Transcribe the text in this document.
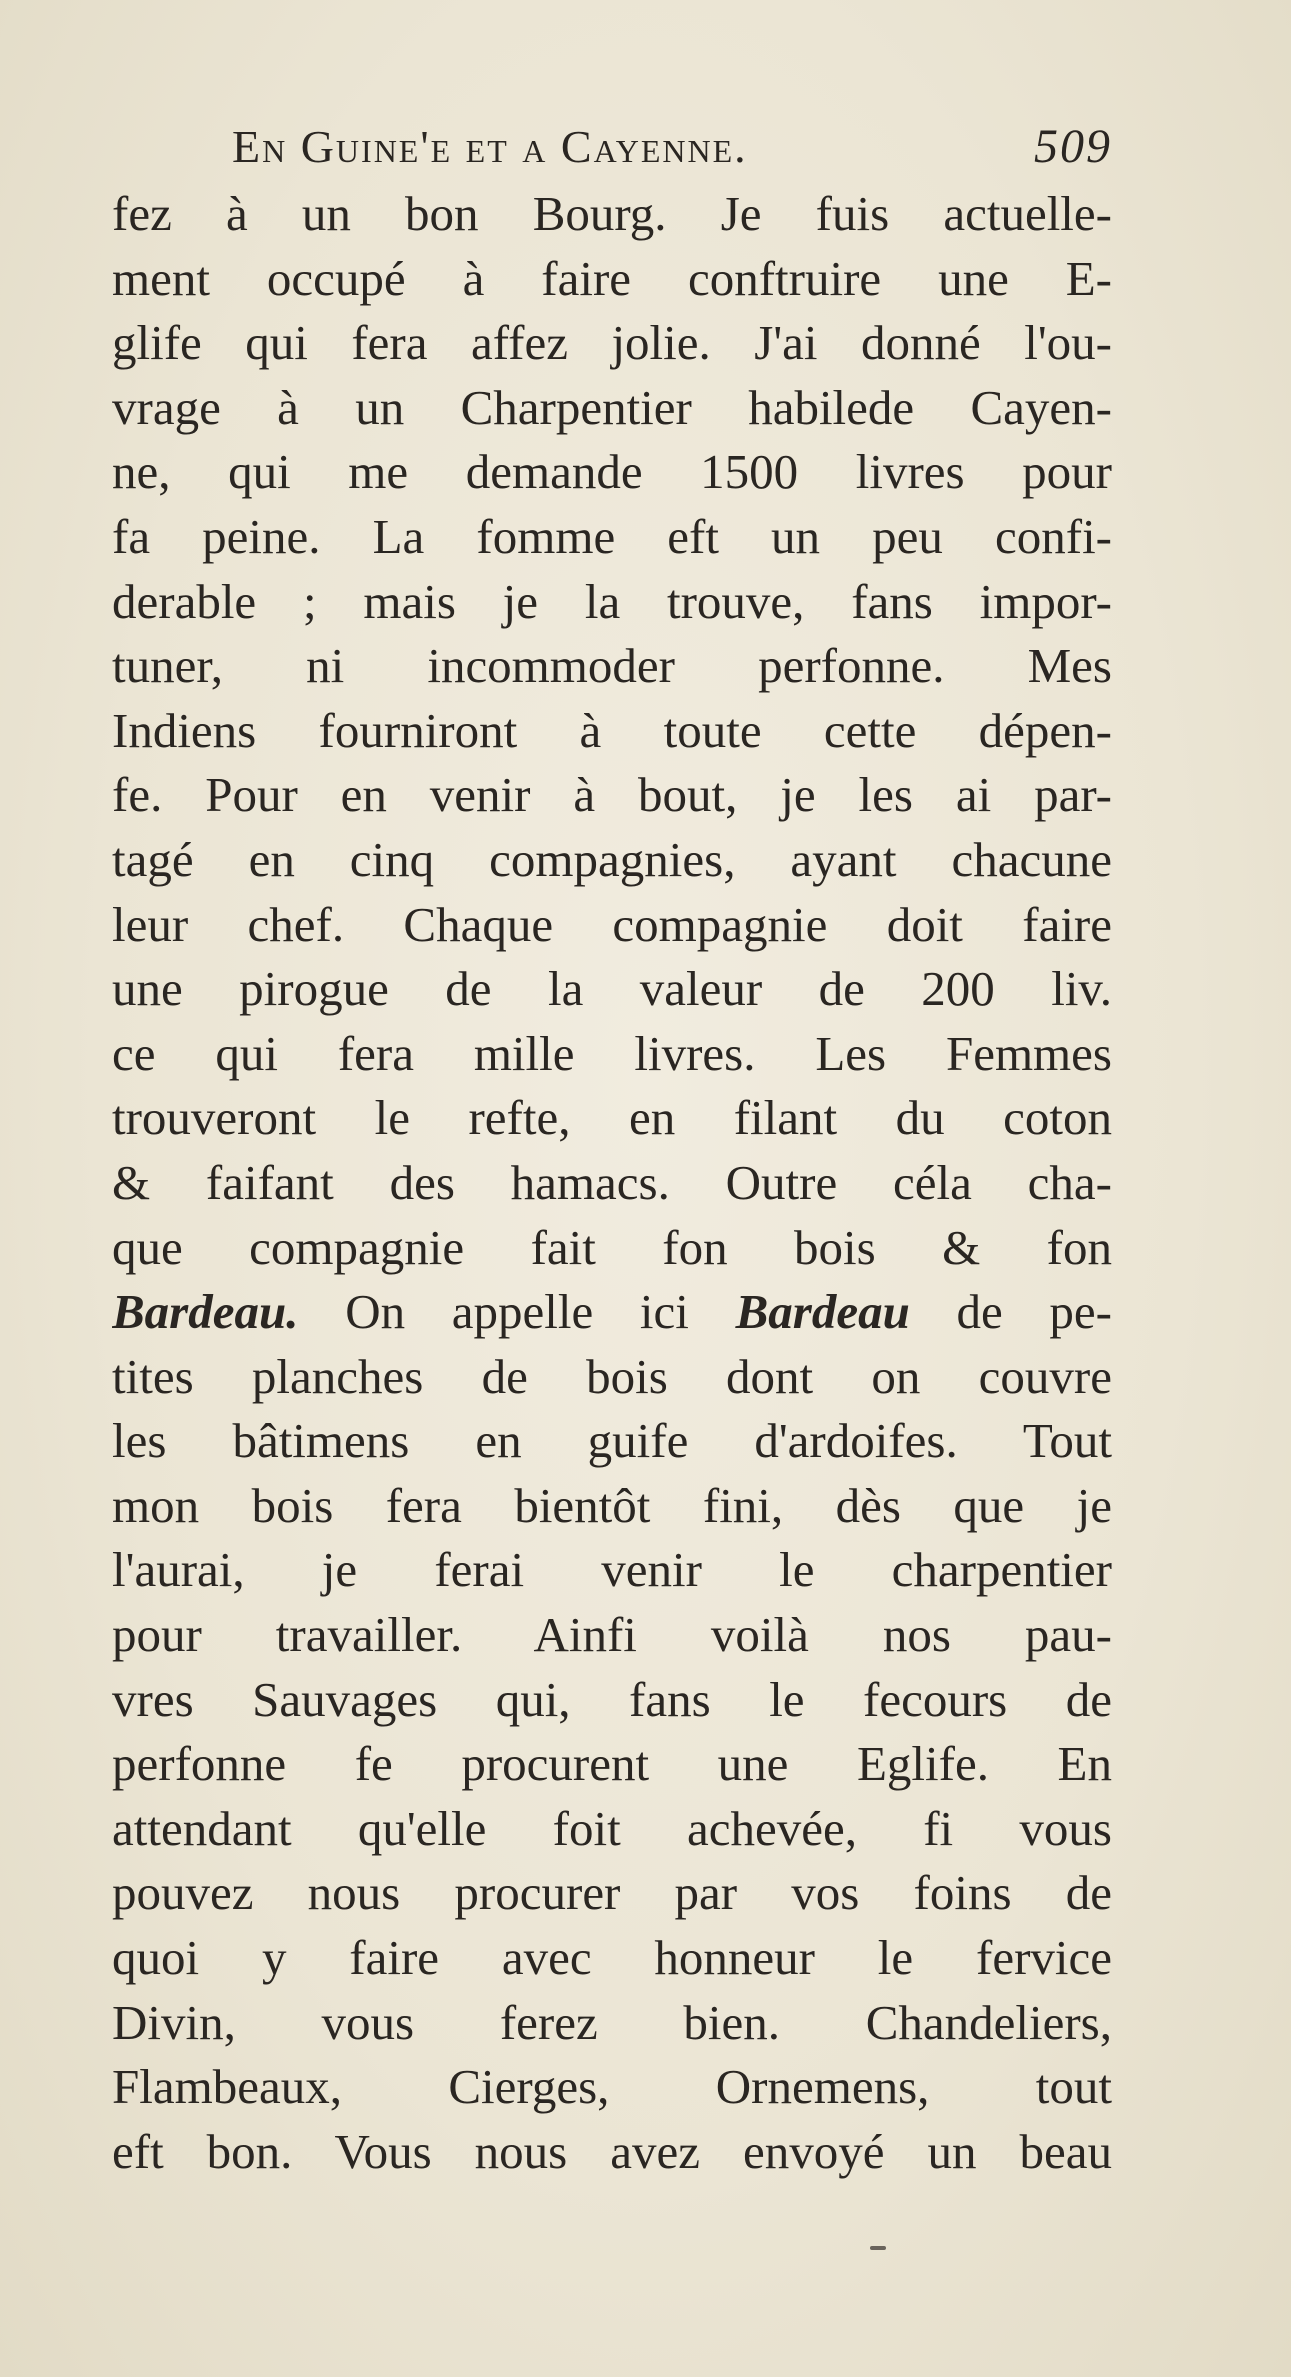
En Guine'e et a Cayenne.	509
fez à un bon Bourg. Je fuis actuelle-
ment occupé à faire conftruire une E-
glife qui fera affez jolie. J'ai donné l'ou-
vrage à un Charpentier habilede Cayen-
ne, qui me demande 1500 livres pour
fa peine. La fomme eft un peu confi-
derable ; mais je la trouve, fans impor-
tuner, ni incommoder perfonne. Mes
Indiens fourniront à toute cette dépen-
fe. Pour en venir à bout, je les ai par-
tagé en cinq compagnies, ayant chacune
leur chef. Chaque compagnie doit faire
une pirogue de la valeur de 200 liv.
ce qui fera mille livres. Les Femmes
trouveront le refte, en filant du coton
& faifant des hamacs. Outre céla cha-
que compagnie fait fon bois & fon
Bardeau. On appelle ici Bardeau de pe-
tites planches de bois dont on couvre
les bâtimens en guife d'ardoifes. Tout
mon bois fera bientôt fini, dès que je
l'aurai, je ferai venir le charpentier
pour travailler. Ainfi voilà nos pau-
vres Sauvages qui, fans le fecours de
perfonne fe procurent une Eglife. En
attendant qu'elle foit achevée, fi vous
pouvez nous procurer par vos foins de
quoi y faire avec honneur le fervice
Divin, vous ferez bien. Chandeliers,
Flambeaux, Cierges, Ornemens, tout
eft bon. Vous nous avez envoyé un beau
